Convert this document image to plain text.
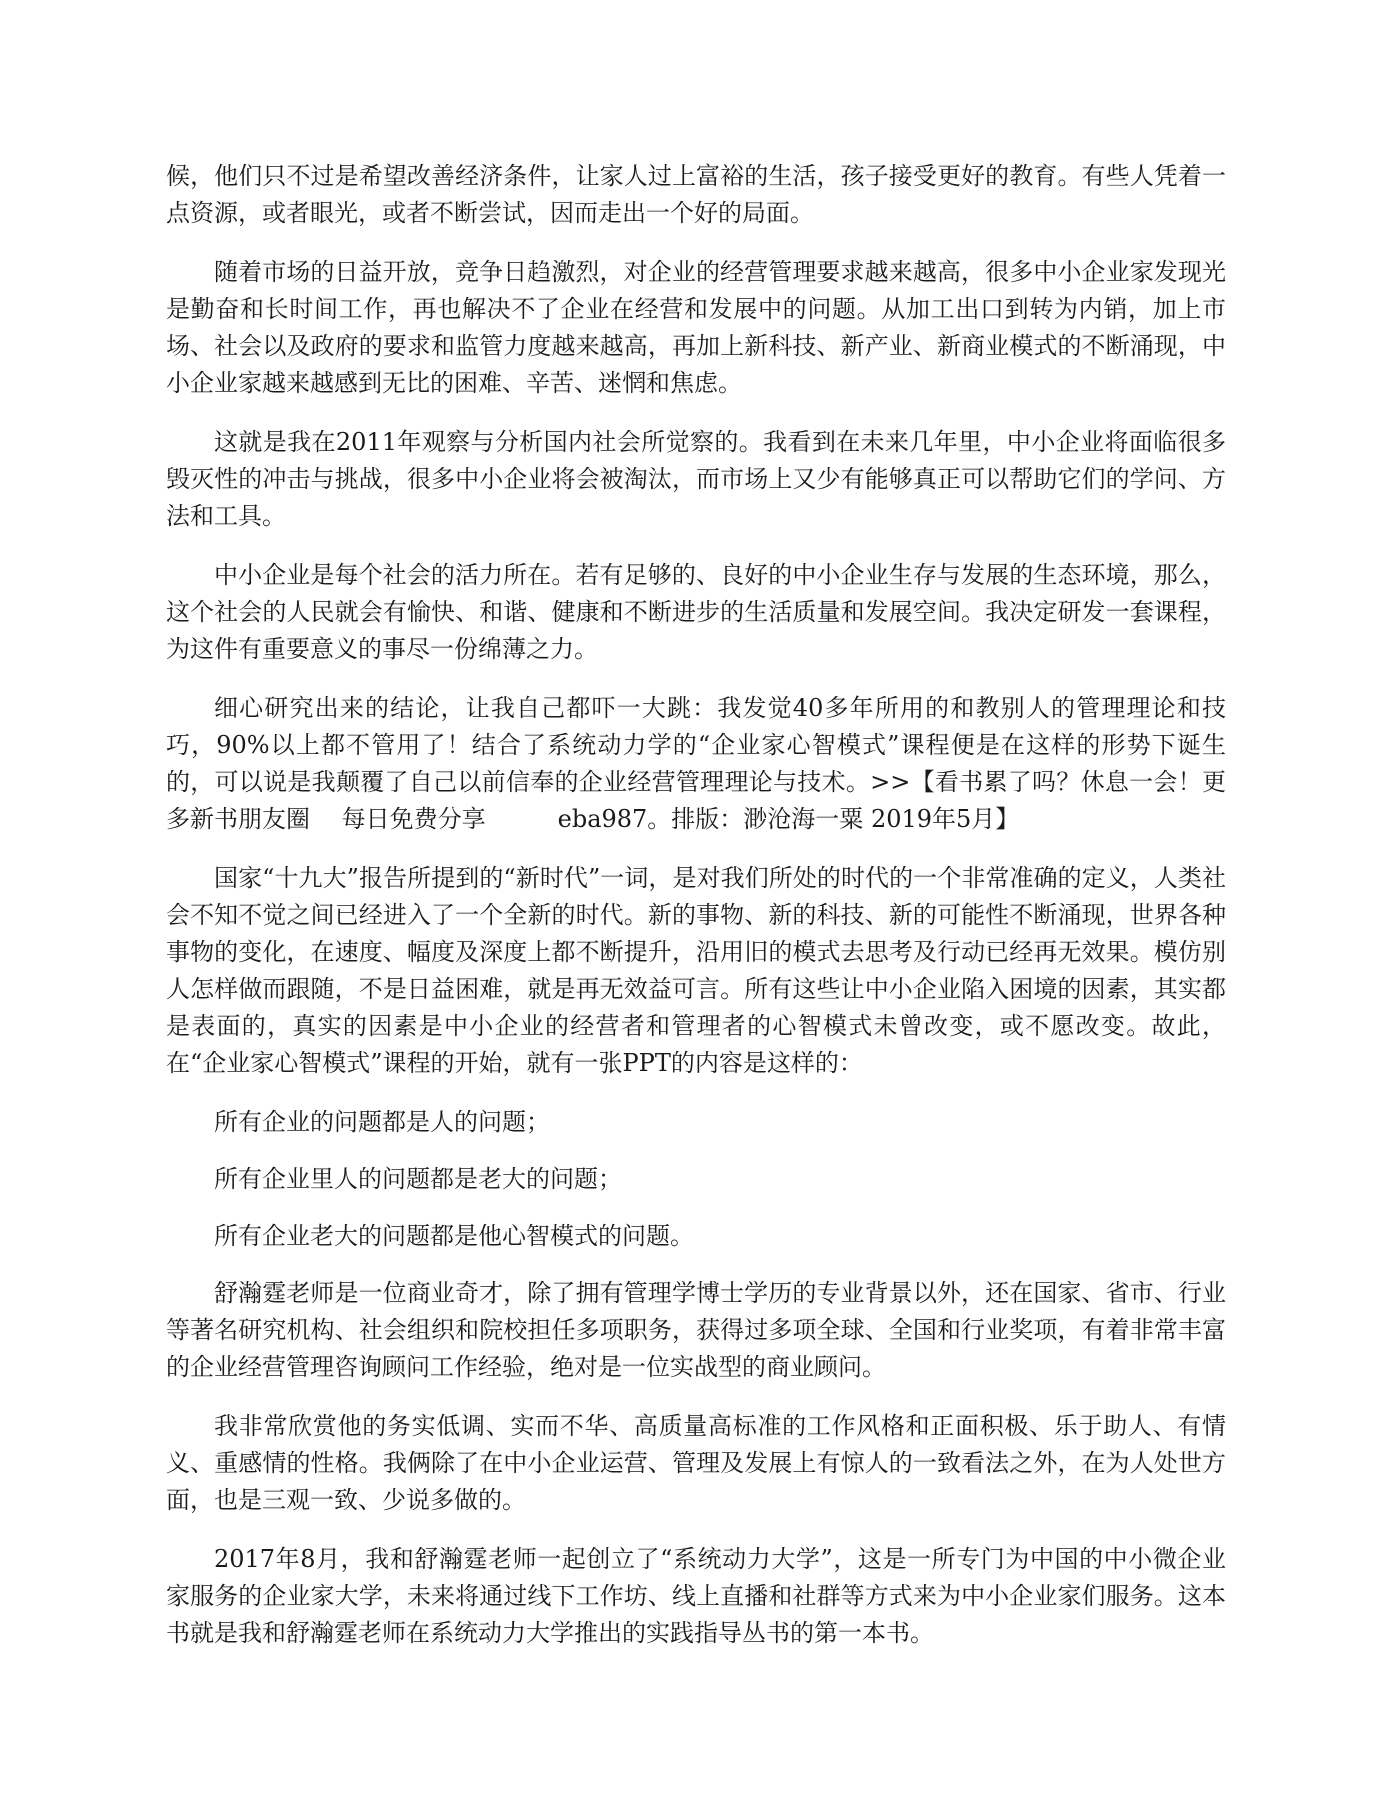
候，他们只不过是希望改善经济条件，让家人过上富裕的生活，孩子接受更好的教育。有些人凭着一点资源，或者眼光，或者不断尝试，因而走出一个好的局面。

随着市场的日益开放，竞争日趋激烈，对企业的经营管理要求越来越高，很多中小企业家发现光是勤奋和长时间工作，再也解决不了企业在经营和发展中的问题。从加工出口到转为内销，加上市场、社会以及政府的要求和监管力度越来越高，再加上新科技、新产业、新商业模式的不断涌现，中小企业家越来越感到无比的困难、辛苦、迷惘和焦虑。

这就是我在2011年观察与分析国内社会所觉察的。我看到在未来几年里，中小企业将面临很多毁灭性的冲击与挑战，很多中小企业将会被淘汰，而市场上又少有能够真正可以帮助它们的学问、方法和工具。

中小企业是每个社会的活力所在。若有足够的、良好的中小企业生存与发展的生态环境，那么，这个社会的人民就会有愉快、和谐、健康和不断进步的生活质量和发展空间。我决定研发一套课程，为这件有重要意义的事尽一份绵薄之力。

细心研究出来的结论，让我自己都吓一大跳：我发觉40多年所用的和教别人的管理理论和技巧，90%以上都不管用了！结合了系统动力学的“企业家心智模式”课程便是在这样的形势下诞生的，可以说是我颠覆了自己以前信奉的企业经营管理理论与技术。>>【看书累了吗？休息一会！更多新书朋友圈　 每日免费分享　　　eba987。排版：渺沧海一粟 2019年5月】

国家“十九大”报告所提到的“新时代”一词，是对我们所处的时代的一个非常准确的定义，人类社会不知不觉之间已经进入了一个全新的时代。新的事物、新的科技、新的可能性不断涌现，世界各种事物的变化，在速度、幅度及深度上都不断提升，沿用旧的模式去思考及行动已经再无效果。模仿别人怎样做而跟随，不是日益困难，就是再无效益可言。所有这些让中小企业陷入困境的因素，其实都是表面的，真实的因素是中小企业的经营者和管理者的心智模式未曾改变，或不愿改变。故此，在“企业家心智模式”课程的开始，就有一张PPT的内容是这样的：

所有企业的问题都是人的问题；

所有企业里人的问题都是老大的问题；

所有企业老大的问题都是他心智模式的问题。

舒瀚霆老师是一位商业奇才，除了拥有管理学博士学历的专业背景以外，还在国家、省市、行业等著名研究机构、社会组织和院校担任多项职务，获得过多项全球、全国和行业奖项，有着非常丰富的企业经营管理咨询顾问工作经验，绝对是一位实战型的商业顾问。

我非常欣赏他的务实低调、实而不华、高质量高标准的工作风格和正面积极、乐于助人、有情义、重感情的性格。我俩除了在中小企业运营、管理及发展上有惊人的一致看法之外，在为人处世方面，也是三观一致、少说多做的。

2017年8月，我和舒瀚霆老师一起创立了“系统动力大学”，这是一所专门为中国的中小微企业家服务的企业家大学，未来将通过线下工作坊、线上直播和社群等方式来为中小企业家们服务。这本书就是我和舒瀚霆老师在系统动力大学推出的实践指导丛书的第一本书。
